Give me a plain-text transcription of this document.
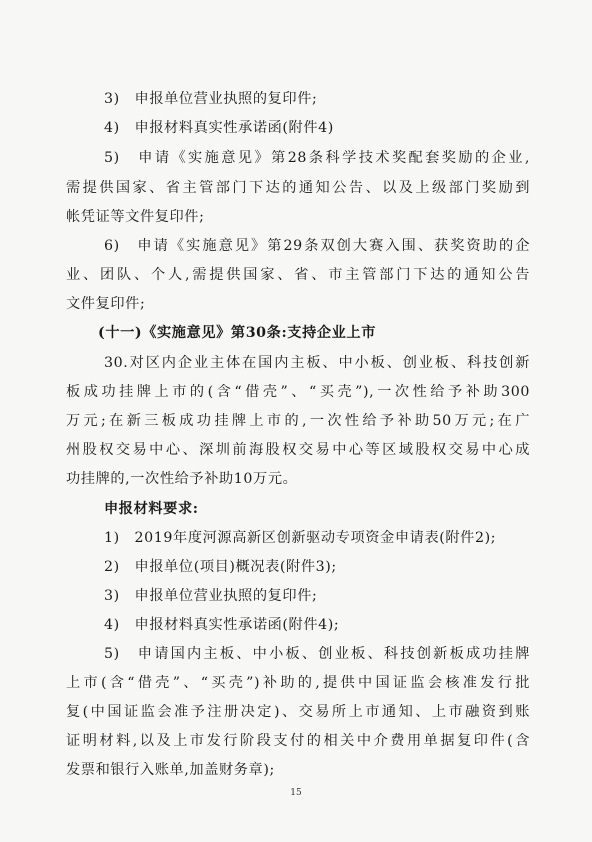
3)　申报单位营业执照的复印件;
4)　申报材料真实性承诺函(附件4)
5)　申请《实施意见》第28条科学技术奖配套奖励的企业,
需提供国家、省主管部门下达的通知公告、以及上级部门奖励到
帐凭证等文件复印件;
6)　申请《实施意见》第29条双创大赛入围、获奖资助的企
业、团队、个人,需提供国家、省、市主管部门下达的通知公告
文件复印件;
(十一)《实施意见》第30条:支持企业上市
30.对区内企业主体在国内主板、中小板、创业板、科技创新
板成功挂牌上市的(含“借壳”、“买壳”),一次性给予补助300
万元;在新三板成功挂牌上市的,一次性给予补助50万元;在广
州股权交易中心、深圳前海股权交易中心等区域股权交易中心成
功挂牌的,一次性给予补助10万元。
申报材料要求:
1)　2019年度河源高新区创新驱动专项资金申请表(附件2);
2)　申报单位(项目)概况表(附件3);
3)　申报单位营业执照的复印件;
4)　申报材料真实性承诺函(附件4);
5)　申请国内主板、中小板、创业板、科技创新板成功挂牌
上市(含“借壳”、“买壳”)补助的,提供中国证监会核准发行批
复(中国证监会准予注册决定)、交易所上市通知、上市融资到账
证明材料,以及上市发行阶段支付的相关中介费用单据复印件(含
发票和银行入账单,加盖财务章);
15
